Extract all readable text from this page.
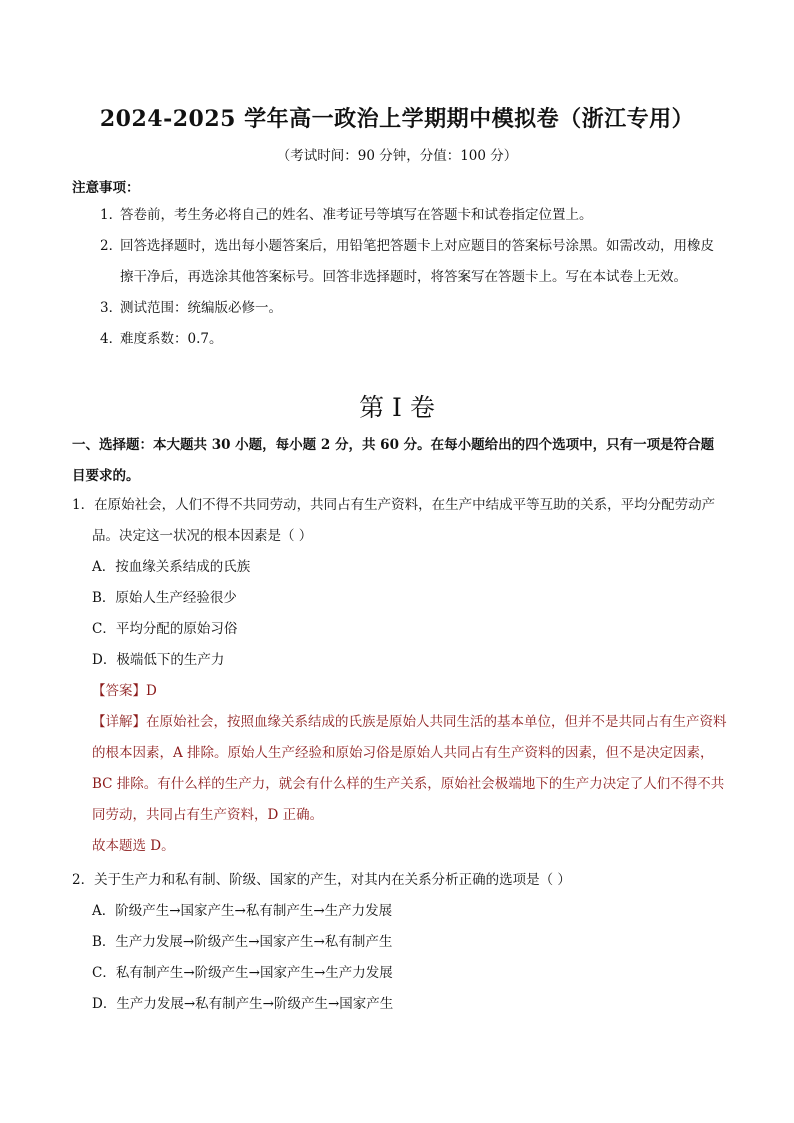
2024-2025 学年高一政治上学期期中模拟卷（浙江专用）
（考试时间：90 分钟，分值：100 分）
注意事项：
1．
答卷前，考生务必将自己的姓名、准考证号等填写在答题卡和试卷指定位置上。
2．
回答选择题时，选出每小题答案后，用铅笔把答题卡上对应题目的答案标号涂黑。如需改动，用橡皮擦干净后，再选涂其他答案标号。回答非选择题时，将答案写在答题卡上。写在本试卷上无效。
3．
测试范围：统编版必修一。
4．
难度系数：0.7。
第 I 卷
一、选择题：本大题共 30 小题，每小题 2 分，共 60 分。在每小题给出的四个选项中，只有一项是符合题目要求的。
1．在原始社会，人们不得不共同劳动，共同占有生产资料，在生产中结成平等互助的关系，平均分配劳动产品。决定这一状况的根本因素是（ ）
A．按血缘关系结成的氏族
B．原始人生产经验很少
C．平均分配的原始习俗
D．极端低下的生产力
【答案】D
【详解】在原始社会，按照血缘关系结成的氏族是原始人共同生活的基本单位，但并不是共同占有生产资料的根本因素，A 排除。原始人生产经验和原始习俗是原始人共同占有生产资料的因素，但不是决定因素，BC 排除。有什么样的生产力，就会有什么样的生产关系，原始社会极端地下的生产力决定了人们不得不共同劳动，共同占有生产资料，D 正确。
故本题选 D。
2．关于生产力和私有制、阶级、国家的产生，对其内在关系分析正确的选项是（ ）
A．阶级产生→国家产生→私有制产生→生产力发展
B．生产力发展→阶级产生→国家产生→私有制产生
C．私有制产生→阶级产生→国家产生→生产力发展
D．生产力发展→私有制产生→阶级产生→国家产生
